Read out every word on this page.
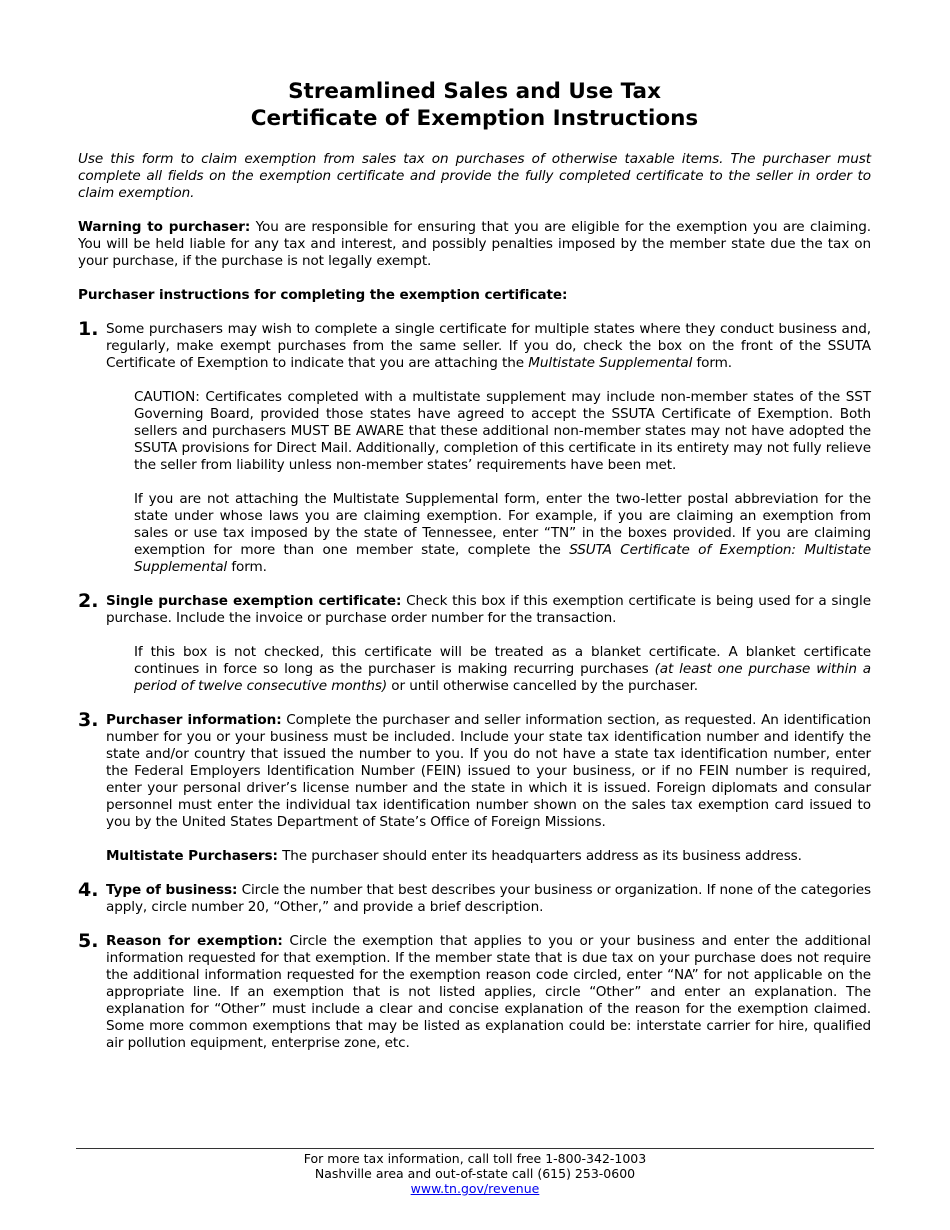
Streamlined Sales and Use Tax
Certificate of Exemption Instructions

Use this form to claim exemption from sales tax on purchases of otherwise taxable items. The purchaser must complete all fields on the exemption certificate and provide the fully completed certificate to the seller in order to claim exemption.

Warning to purchaser: You are responsible for ensuring that you are eligible for the exemption you are claiming. You will be held liable for any tax and interest, and possibly penalties imposed by the member state due the tax on your purchase, if the purchase is not legally exempt.

Purchaser instructions for completing the exemption certificate:

1. Some purchasers may wish to complete a single certificate for multiple states where they conduct business and, regularly, make exempt purchases from the same seller. If you do, check the box on the front of the SSUTA Certificate of Exemption to indicate that you are attaching the Multistate Supplemental form.

CAUTION: Certificates completed with a multistate supplement may include non-member states of the SST Governing Board, provided those states have agreed to accept the SSUTA Certificate of Exemption. Both sellers and purchasers MUST BE AWARE that these additional non-member states may not have adopted the SSUTA provisions for Direct Mail. Additionally, completion of this certificate in its entirety may not fully relieve the seller from liability unless non-member states’ requirements have been met.

If you are not attaching the Multistate Supplemental form, enter the two-letter postal abbreviation for the state under whose laws you are claiming exemption. For example, if you are claiming an exemption from sales or use tax imposed by the state of Tennessee, enter “TN” in the boxes provided. If you are claiming exemption for more than one member state, complete the SSUTA Certificate of Exemption: Multistate Supplemental form.

2. Single purchase exemption certificate: Check this box if this exemption certificate is being used for a single purchase. Include the invoice or purchase order number for the transaction.

If this box is not checked, this certificate will be treated as a blanket certificate. A blanket certificate continues in force so long as the purchaser is making recurring purchases (at least one purchase within a period of twelve consecutive months) or until otherwise cancelled by the purchaser.

3. Purchaser information: Complete the purchaser and seller information section, as requested. An identification number for you or your business must be included. Include your state tax identification number and identify the state and/or country that issued the number to you. If you do not have a state tax identification number, enter the Federal Employers Identification Number (FEIN) issued to your business, or if no FEIN number is required, enter your personal driver’s license number and the state in which it is issued. Foreign diplomats and consular personnel must enter the individual tax identification number shown on the sales tax exemption card issued to you by the United States Department of State’s Office of Foreign Missions.

Multistate Purchasers: The purchaser should enter its headquarters address as its business address.

4. Type of business: Circle the number that best describes your business or organization. If none of the categories apply, circle number 20, “Other,” and provide a brief description.

5. Reason for exemption: Circle the exemption that applies to you or your business and enter the additional information requested for that exemption. If the member state that is due tax on your purchase does not require the additional information requested for the exemption reason code circled, enter “NA” for not applicable on the appropriate line. If an exemption that is not listed applies, circle “Other” and enter an explanation. The explanation for “Other” must include a clear and concise explanation of the reason for the exemption claimed. Some more common exemptions that may be listed as explanation could be: interstate carrier for hire, qualified air pollution equipment, enterprise zone, etc.

For more tax information, call toll free 1-800-342-1003
Nashville area and out-of-state call (615) 253-0600
www.tn.gov/revenue
